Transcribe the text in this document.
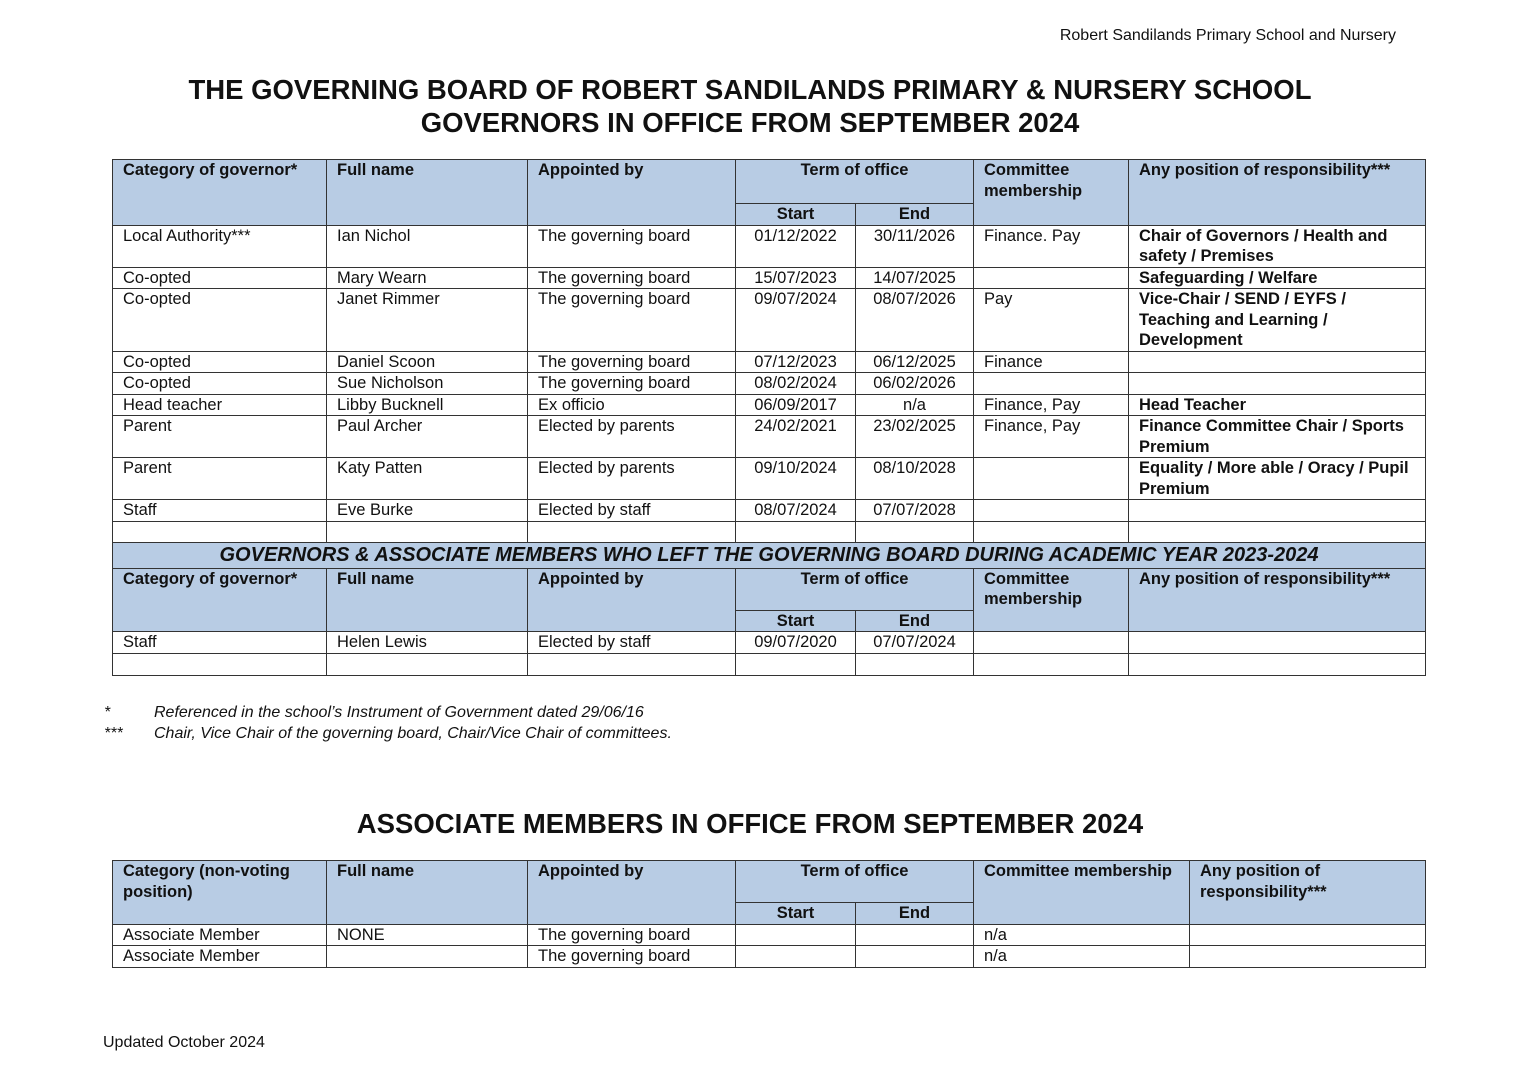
Robert Sandilands Primary School and Nursery
THE GOVERNING BOARD OF ROBERT SANDILANDS PRIMARY & NURSERY SCHOOL
GOVERNORS IN OFFICE FROM SEPTEMBER 2024
Category of governor*	Full name	Appointed by	Term of office		Committee membership	Any position of responsibility***
			Start	End		
Local Authority***	Ian Nichol	The governing board	01/12/2022	30/11/2026	Finance. Pay	Chair of Governors / Health and safety / Premises
Co-opted	Mary Wearn	The governing board	15/07/2023	14/07/2025		Safeguarding / Welfare
Co-opted	Janet Rimmer	The governing board	09/07/2024	08/07/2026	Pay	Vice-Chair / SEND / EYFS / Teaching and Learning / Development
Co-opted	Daniel Scoon	The governing board	07/12/2023	06/12/2025	Finance	
Co-opted	Sue Nicholson	The governing board	08/02/2024	06/02/2026		
Head teacher	Libby Bucknell	Ex officio	06/09/2017	n/a	Finance, Pay	Head Teacher
Parent	Paul Archer	Elected by parents	24/02/2021	23/02/2025	Finance, Pay	Finance Committee Chair / Sports Premium
Parent	Katy Patten	Elected by parents	09/10/2024	08/10/2028		Equality / More able / Oracy / Pupil Premium
Staff	Eve Burke	Elected by staff	08/07/2024	07/07/2028		

GOVERNORS & ASSOCIATE MEMBERS WHO LEFT THE GOVERNING BOARD DURING ACADEMIC YEAR 2023-2024						
Category of governor*	Full name	Appointed by	Term of office		Committee membership	Any position of responsibility***
			Start	End		
Staff	Helen Lewis	Elected by staff	09/07/2020	07/07/2024		

*	Referenced in the school’s Instrument of Government dated 29/06/16
***	Chair, Vice Chair of the governing board, Chair/Vice Chair of committees.
ASSOCIATE MEMBERS IN OFFICE FROM SEPTEMBER 2024
Category (non-voting position)	Full name	Appointed by	Term of office		Committee membership	Any position of responsibility***
			Start	End		
Associate Member	NONE	The governing board			n/a	
Associate Member		The governing board			n/a	
Updated October 2024
